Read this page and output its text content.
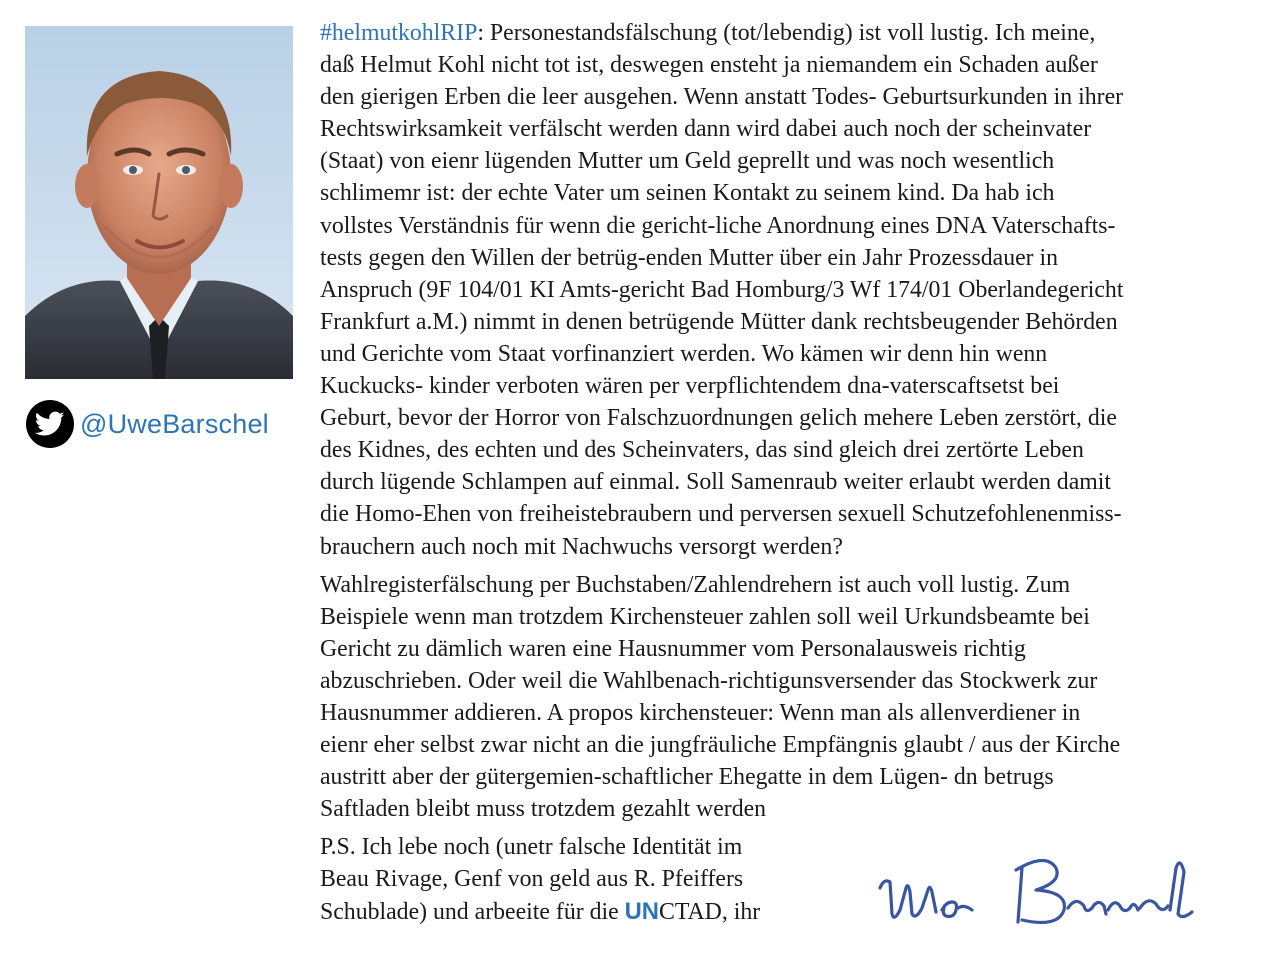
@UweBarschel

#helmutkohlRIP: Personestandsfälschung (tot/lebendig) ist voll lustig. Ich meine,
daß Helmut Kohl nicht tot ist, deswegen ensteht ja niemandem ein Schaden außer
den gierigen Erben die leer ausgehen. Wenn anstatt Todes- Geburtsurkunden in ihrer
Rechtswirksamkeit verfälscht werden dann wird dabei auch noch der scheinvater
(Staat) von eienr lügenden Mutter um Geld geprellt und was noch wesentlich
schlimemr ist: der echte Vater um seinen Kontakt zu seinem kind. Da hab ich
vollstes Verständnis für wenn die gericht-liche Anordnung eines DNA Vaterschafts-
tests gegen den Willen der betrüg-enden Mutter über ein Jahr Prozessdauer in
Anspruch (9F 104/01 KI Amts-gericht Bad Homburg/3 Wf 174/01 Oberlandegericht
Frankfurt a.M.) nimmt in denen betrügende Mütter dank rechtsbeugender Behörden
und Gerichte vom Staat vorfinanziert werden. Wo kämen wir denn hin wenn
Kuckucks- kinder verboten wären per verpflichtendem dna-vaterscaftsetst bei
Geburt, bevor der Horror von Falschzuordnungen gelich mehere Leben zerstört, die
des Kidnes, des echten und des Scheinvaters, das sind gleich drei zertörte Leben
durch lügende Schlampen auf einmal. Soll Samenraub weiter erlaubt werden damit
die Homo-Ehen von freiheistebraubern und perversen sexuell Schutzefohlenenmiss-
brauchern auch noch mit Nachwuchs versorgt werden?

Wahlregisterfälschung per Buchstaben/Zahlendrehern ist auch voll lustig. Zum
Beispiele wenn man trotzdem Kirchensteuer zahlen soll weil Urkundsbeamte bei
Gericht zu dämlich waren eine Hausnummer vom Personalausweis richtig
abzuschrieben. Oder weil die Wahlbenach-richtigunsversender das Stockwerk zur
Hausnummer addieren. A propos kirchensteuer: Wenn man als allenverdiener in
eienr eher selbst zwar nicht an die jungfräuliche Empfängnis glaubt / aus der Kirche
austritt aber der gütergemien-schaftlicher Ehegatte in dem Lügen- dn betrugs
Saftladen bleibt muss trotzdem gezahlt werden

P.S. Ich lebe noch (unetr falsche Identität im
Beau Rivage, Genf von geld aus R. Pfeiffers
Schublade) und arbeeite für die UNCTAD, ihr
